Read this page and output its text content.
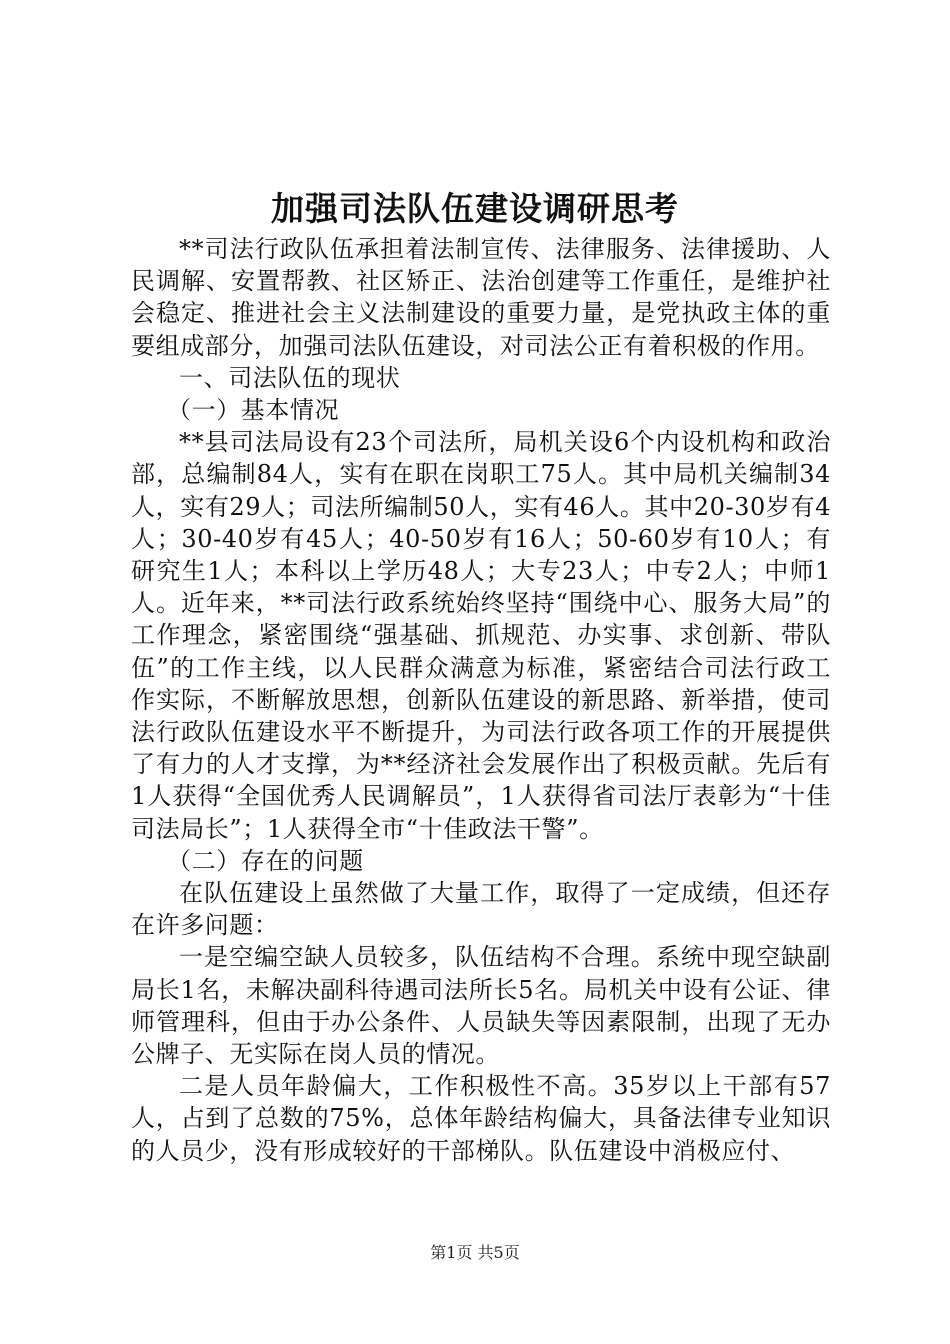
加强司法队伍建设调研思考

**司法行政队伍承担着法制宣传、法律服务、法律援助、人民调解、安置帮教、社区矫正、法治创建等工作重任，是维护社会稳定、推进社会主义法制建设的重要力量，是党执政主体的重要组成部分，加强司法队伍建设，对司法公正有着积极的作用。

一、司法队伍的现状

（一）基本情况

**县司法局设有23个司法所，局机关设6个内设机构和政治部，总编制84人，实有在职在岗职工75人。其中局机关编制34人，实有29人；司法所编制50人，实有46人。其中20-30岁有4人；30-40岁有45人；40-50岁有16人；50-60岁有10人；有研究生1人；本科以上学历48人；大专23人；中专2人；中师1人。近年来，**司法行政系统始终坚持“围绕中心、服务大局”的工作理念，紧密围绕“强基础、抓规范、办实事、求创新、带队伍”的工作主线，以人民群众满意为标准，紧密结合司法行政工作实际，不断解放思想，创新队伍建设的新思路、新举措，使司法行政队伍建设水平不断提升，为司法行政各项工作的开展提供了有力的人才支撑，为**经济社会发展作出了积极贡献。先后有1人获得“全国优秀人民调解员”，1人获得省司法厅表彰为“十佳司法局长”；1人获得全市“十佳政法干警”。

（二）存在的问题

在队伍建设上虽然做了大量工作，取得了一定成绩，但还存在许多问题：

一是空编空缺人员较多，队伍结构不合理。系统中现空缺副局长1名，未解决副科待遇司法所长5名。局机关中设有公证、律师管理科，但由于办公条件、人员缺失等因素限制，出现了无办公牌子、无实际在岗人员的情况。

二是人员年龄偏大，工作积极性不高。35岁以上干部有57人，占到了总数的75%，总体年龄结构偏大，具备法律专业知识的人员少，没有形成较好的干部梯队。队伍建设中消极应付、

第1页 共5页
